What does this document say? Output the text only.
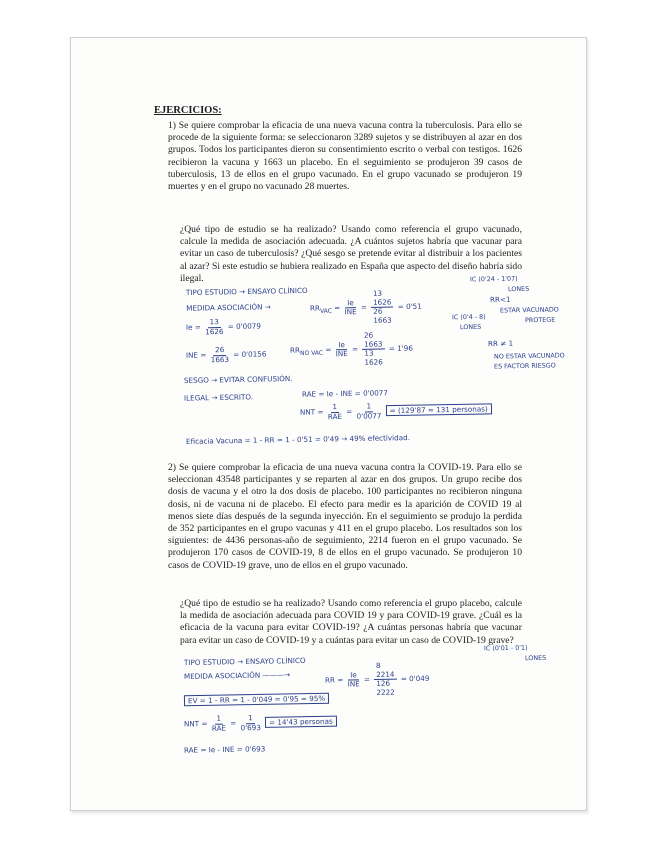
EJERCICIOS:
1) Se quiere comprobar la eficacia de una nueva vacuna contra la tuberculosis. Para ello se procede de la siguiente forma: se seleccionaron 3289 sujetos y se distribuyen al azar en dos grupos. Todos los participantes dieron su consentimiento escrito o verbal con testigos. 1626 recibieron la vacuna y 1663 un placebo. En el seguimiento se produjeron 39 casos de tuberculosis, 13 de ellos en el grupo vacunado. En el grupo vacunado se produjeron 19 muertes y en el grupo no vacunado 28 muertes.
¿Qué tipo de estudio se ha realizado? Usando como referencia el grupo vacunado, calcule la medida de asociación adecuada. ¿A cuántos sujetos habría que vacunar para evitar un caso de tuberculosis? ¿Qué sesgo se pretende evitar al distribuir a los pacientes al azar? Si este estudio se hubiera realizado en España que aspecto del diseño habría sido ilegal.
2) Se quiere comprobar la eficacia de una nueva vacuna contra la COVID-19. Para ello se seleccionan 43548 participantes y se reparten al azar en dos grupos. Un grupo recibe dos dosis de vacuna y el otro la dos dosis de placebo. 100 participantes no recibieron ninguna dosis, ni de vacuna ni de placebo. El efecto para medir es la aparición de COVID 19 al menos siete días después de la segunda inyección. En el seguimiento se produjo la perdida de 352 participantes en el grupo vacunas y 411 en el grupo placebo. Los resultados son los siguientes: de 4436 personas-año de seguimiento, 2214 fueron en el grupo vacunado. Se produjeron 170 casos de COVID-19, 8 de ellos en el grupo vacunado. Se produjeron 10 casos de COVID-19 grave, uno de ellos en el grupo vacunado.
¿Qué tipo de estudio se ha realizado? Usando como referencia el grupo placebo, calcule la medida de asociación adecuada para COVID 19 y para COVID-19 grave. ¿Cuál es la eficacia de la vacuna para evitar COVID-19? ¿A cuántas personas habría que vacunar para evitar un caso de COVID-19 y a cuántas para evitar un caso de COVID-19 grave?
IC (0'24 - 1'07)
LONES
TIPO ESTUDIO → ENSAYO CLÍNICO
MEDIDA ASOCIACIÓN →	$RR_{VAC} = \frac{Ie}{\text{INE}}$ =
13
1626
26
1663
= 0'51
RR<1
ESTAR VACUNADO
PROTEGE
IC (0'4 - 8)
LONES
$Ie = \frac{13}{1626} = 0'0079$
INE = $\frac{26}{1663} = 0'0156$	$RR_{NO VAC} = \frac{Ie}{\text{INE}}$ =
26
1663
13
1626
= 1'96
RR ≠ 1
NO ESTAR VACUNADO
ES FACTOR RIESGO
SESGO → EVITAR CONFUSIÓN.
ILEGAL → ESCRITO.	RAE = Ie - INE = 0'0077
NNT = $\frac{1}{\text{RAE}} = \frac{1}{0'0077} = (129'87 \approx 131$ personas)
Eficacia Vacuna = 1 - RR = 1 - 0'51 = 0'49 → 49% efectividad.
IC (0'01 - 0'1)
LONES
TIPO ESTUDIO → ENSAYO CLÍNICO
MEDIDA ASOCIACIÓN ———→	RR = $\frac{Ie}{\text{INE}}$ =
8
2214
126
2222
= 0'049
EV = 1 - RR = 1 - 0'049 = 0'95 = 95%
NNT = $\frac{1}{\text{RAE}} = \frac{1}{0'693} = 14'43$ personas
RAE = Ie - INE = 0'693
